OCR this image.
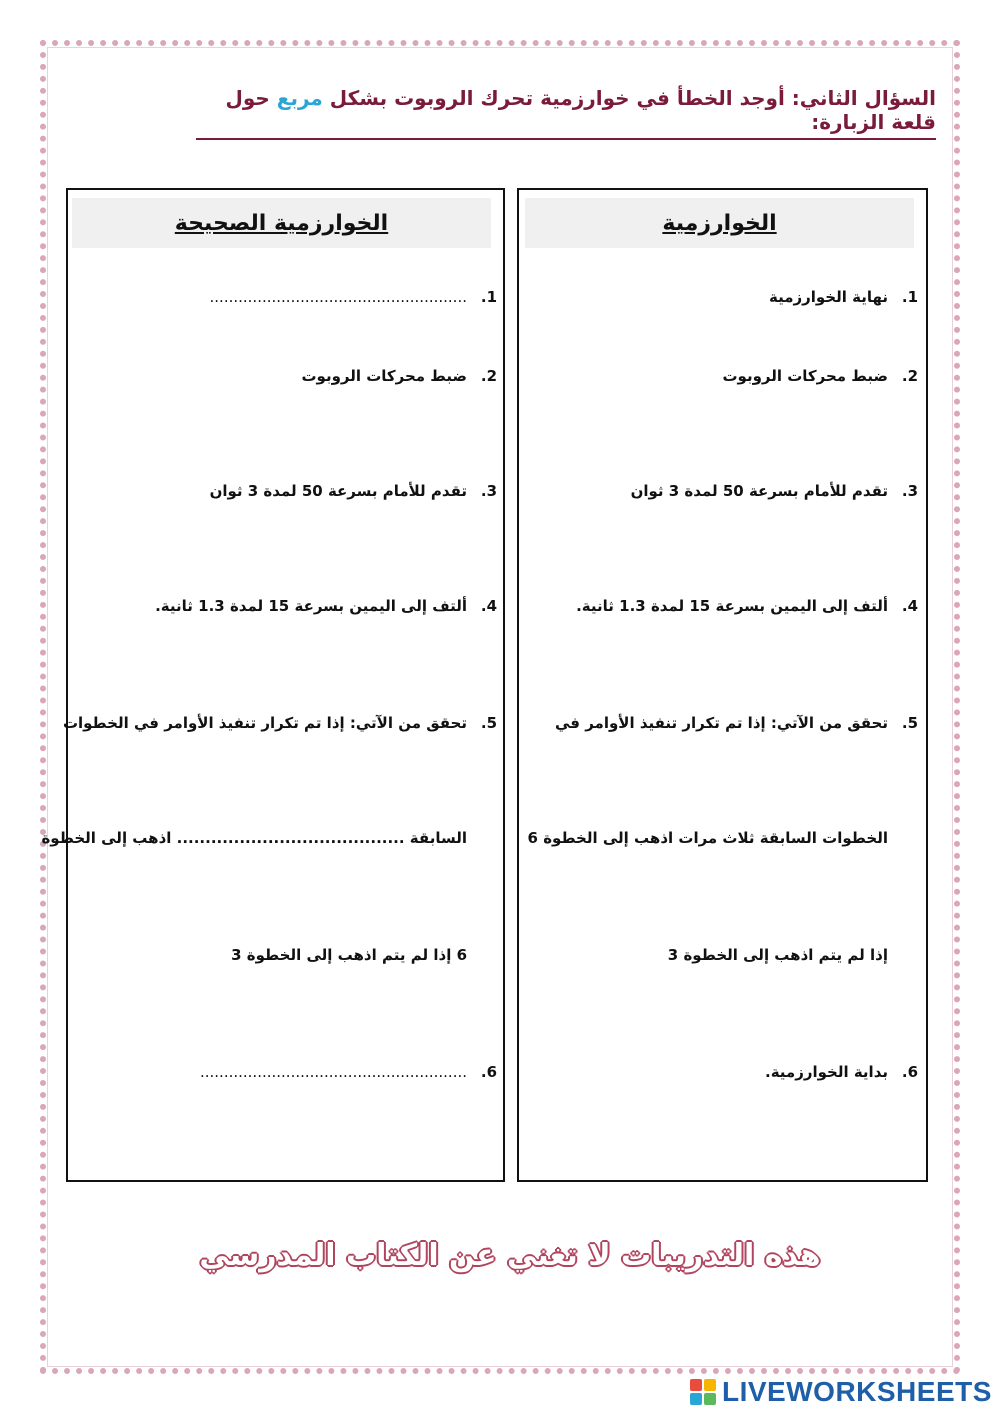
السؤال الثاني: أوجد الخطأ في خوارزمية تحرك الروبوت بشكل مربع حول قلعة الزبارة:
الخوارزمية
1.نهاية الخوارزمية
2.ضبط محركات الروبوت
3.تقدم للأمام بسرعة 50 لمدة 3 ثوان
4.ألتف إلى اليمين بسرعة 15 لمدة 1.3 ثانية.
5.تحقق من الآتي: إذا تم تكرار تنفيذ الأوامر في
الخطوات السابقة ثلاث مرات اذهب إلى الخطوة 6
إذا لم يتم اذهب إلى الخطوة 3
6.بداية الخوارزمية.
الخوارزمية الصحيحة
1.......................................................
2.ضبط محركات الروبوت
3.تقدم للأمام بسرعة 50 لمدة 3 ثوان
4.ألتف إلى اليمين بسرعة 15 لمدة 1.3 ثانية.
5.تحقق من الآتي: إذا تم تكرار تنفيذ الأوامر في الخطوات
السابقة ........................................ اذهب إلى الخطوة
6 إذا لم يتم اذهب إلى الخطوة 3
6.........................................................
هذه التدريبات لا تغني عن الكتاب المدرسي
LIVEWORKSHEETS
